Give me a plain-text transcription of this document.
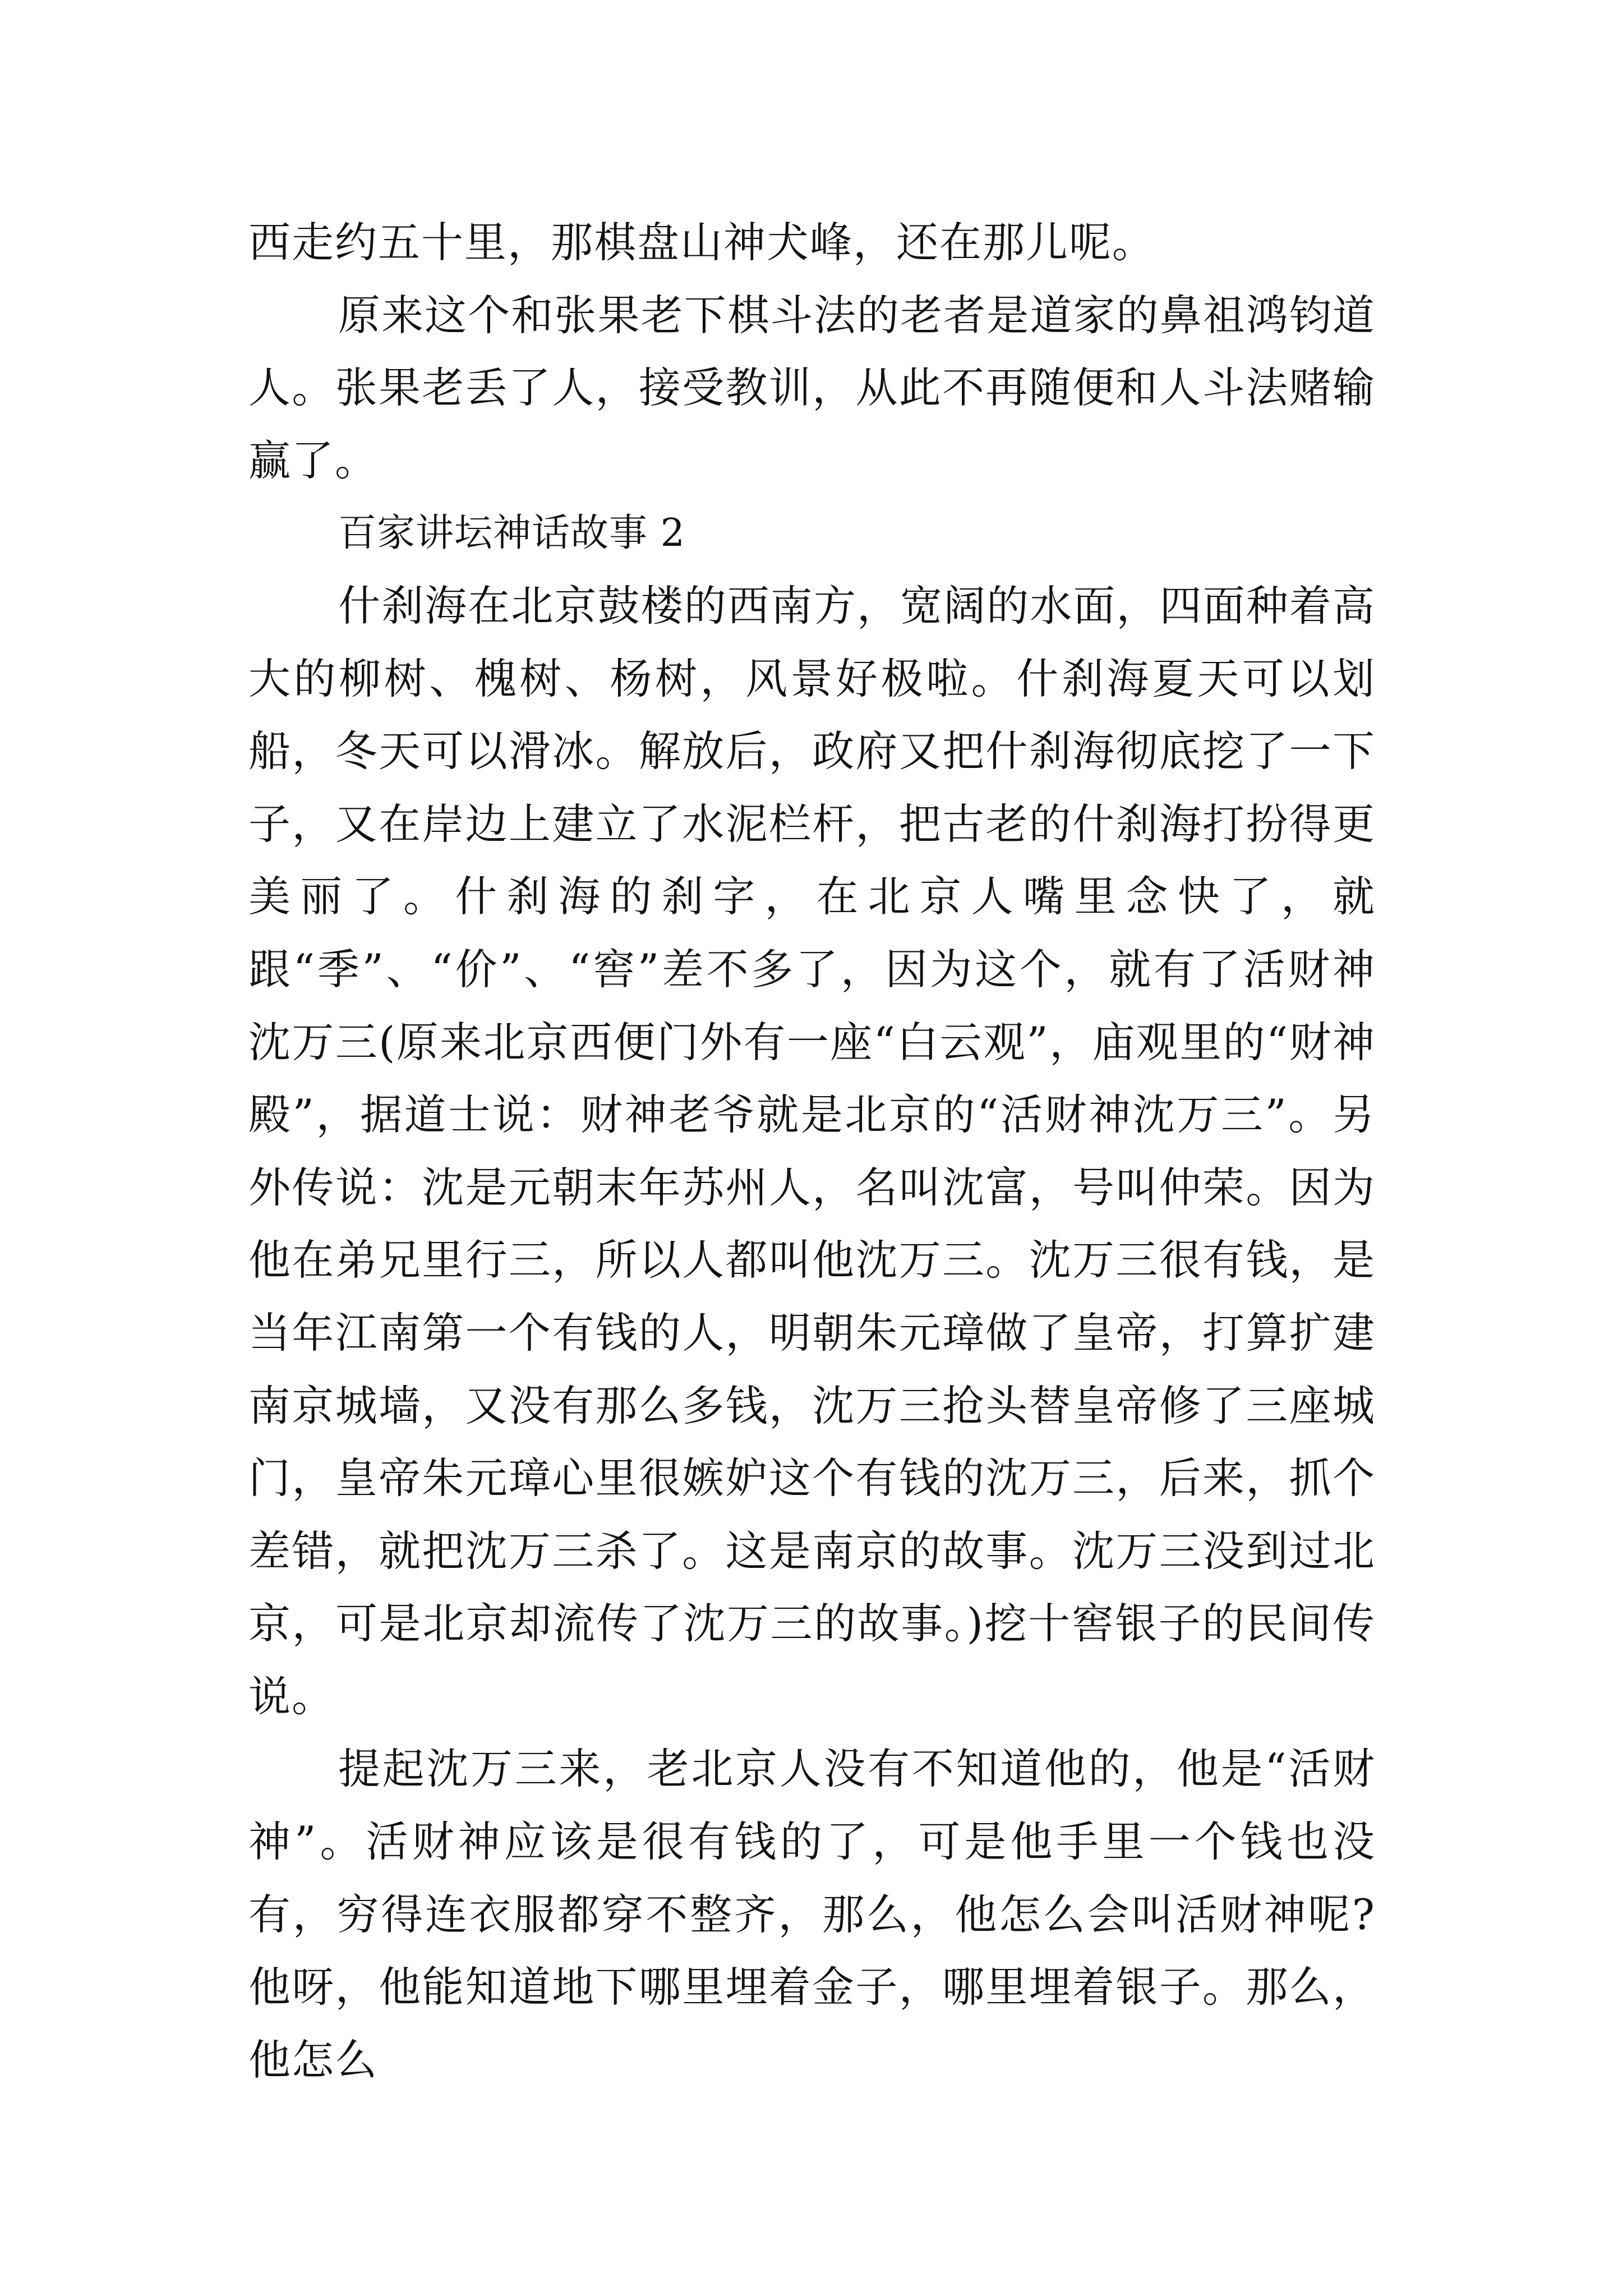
西走约五十里，那棋盘山神犬峰，还在那儿呢。

原来这个和张果老下棋斗法的老者是道家的鼻祖鸿钧道人。张果老丢了人，接受教训，从此不再随便和人斗法赌输赢了。

百家讲坛神话故事 2

什刹海在北京鼓楼的西南方，宽阔的水面，四面种着高大的柳树、槐树、杨树，风景好极啦。什刹海夏天可以划船，冬天可以滑冰。解放后，政府又把什刹海彻底挖了一下子，又在岸边上建立了水泥栏杆，把古老的什刹海打扮得更美丽了。什刹海的刹字，在北京人嘴里念快了，就跟“季”、“价”、“窖”差不多了，因为这个，就有了活财神沈万三(原来北京西便门外有一座“白云观”，庙观里的“财神殿”，据道士说：财神老爷就是北京的“活财神沈万三”。另外传说：沈是元朝末年苏州人，名叫沈富，号叫仲荣。因为他在弟兄里行三，所以人都叫他沈万三。沈万三很有钱，是当年江南第一个有钱的人，明朝朱元璋做了皇帝，打算扩建南京城墙，又没有那么多钱，沈万三抢头替皇帝修了三座城门，皇帝朱元璋心里很嫉妒这个有钱的沈万三，后来，抓个差错，就把沈万三杀了。这是南京的故事。沈万三没到过北京，可是北京却流传了沈万三的故事。)挖十窖银子的民间传说。

提起沈万三来，老北京人没有不知道他的，他是“活财神”。活财神应该是很有钱的了，可是他手里一个钱也没有，穷得连衣服都穿不整齐，那么，他怎么会叫活财神呢?他呀，他能知道地下哪里埋着金子，哪里埋着银子。那么，他怎么
